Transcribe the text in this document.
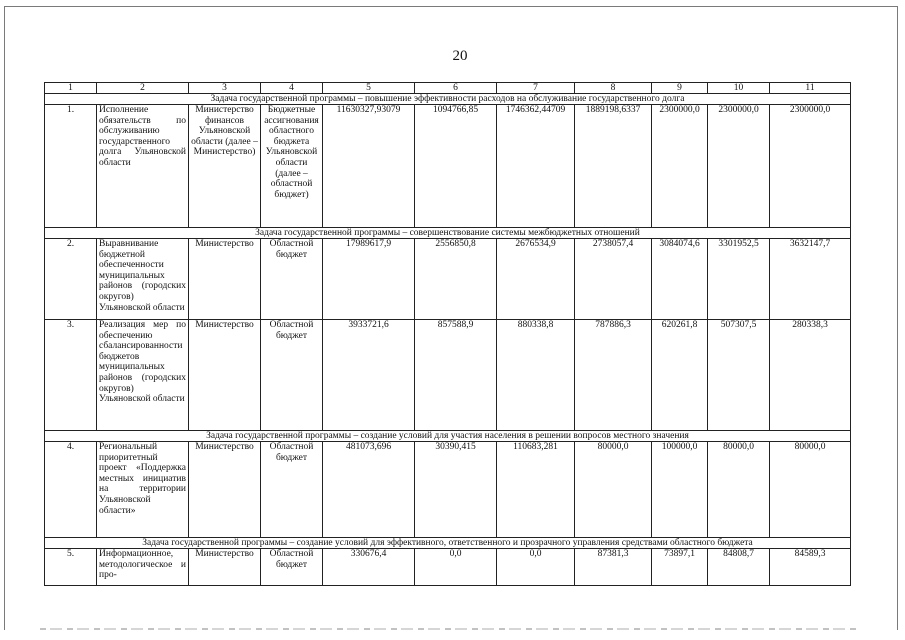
20
1	2	3	4	5	6	7	8	9	10	11
Задача государственной программы – повышение эффективности расходов на обслуживание государственного долга										
1.	Исполнение обязательств по обслуживанию государственного долга Ульяновской области	Министерство финансов Ульяновской области (далее – Министерство)	Бюджетные ассигнования областного бюджета Ульяновской области (далее – областной бюджет)	11630327,93079	1094766,85	1746362,44709	1889198,6337	2300000,0	2300000,0	2300000,0
Задача государственной программы – совершенствование системы межбюджетных отношений										
2.	Выравнивание бюджетной обеспеченности муниципальных районов (городских округов) Ульяновской области	Министерство	Областной бюджет	17989617,9	2556850,8	2676534,9	2738057,4	3084074,6	3301952,5	3632147,7
3.	Реализация мер по обеспечению сбалансированности бюджетов муниципальных районов (городских округов) Ульяновской области	Министерство	Областной бюджет	3933721,6	857588,9	880338,8	787886,3	620261,8	507307,5	280338,3
Задача государственной программы – создание условий для участия населения в решении вопросов местного значения										
4.	Региональный приоритетный проект «Поддержка местных инициатив на территории Ульяновской области»	Министерство	Областной бюджет	481073,696	30390,415	110683,281	80000,0	100000,0	80000,0	80000,0
Задача государственной программы – создание условий для эффективного, ответственного и прозрачного управления средствами областного бюджета										
5.	Информационное, методологическое и про-	Министерство	Областной бюджет	330676,4	0,0	0,0	87381,3	73897,1	84808,7	84589,3
